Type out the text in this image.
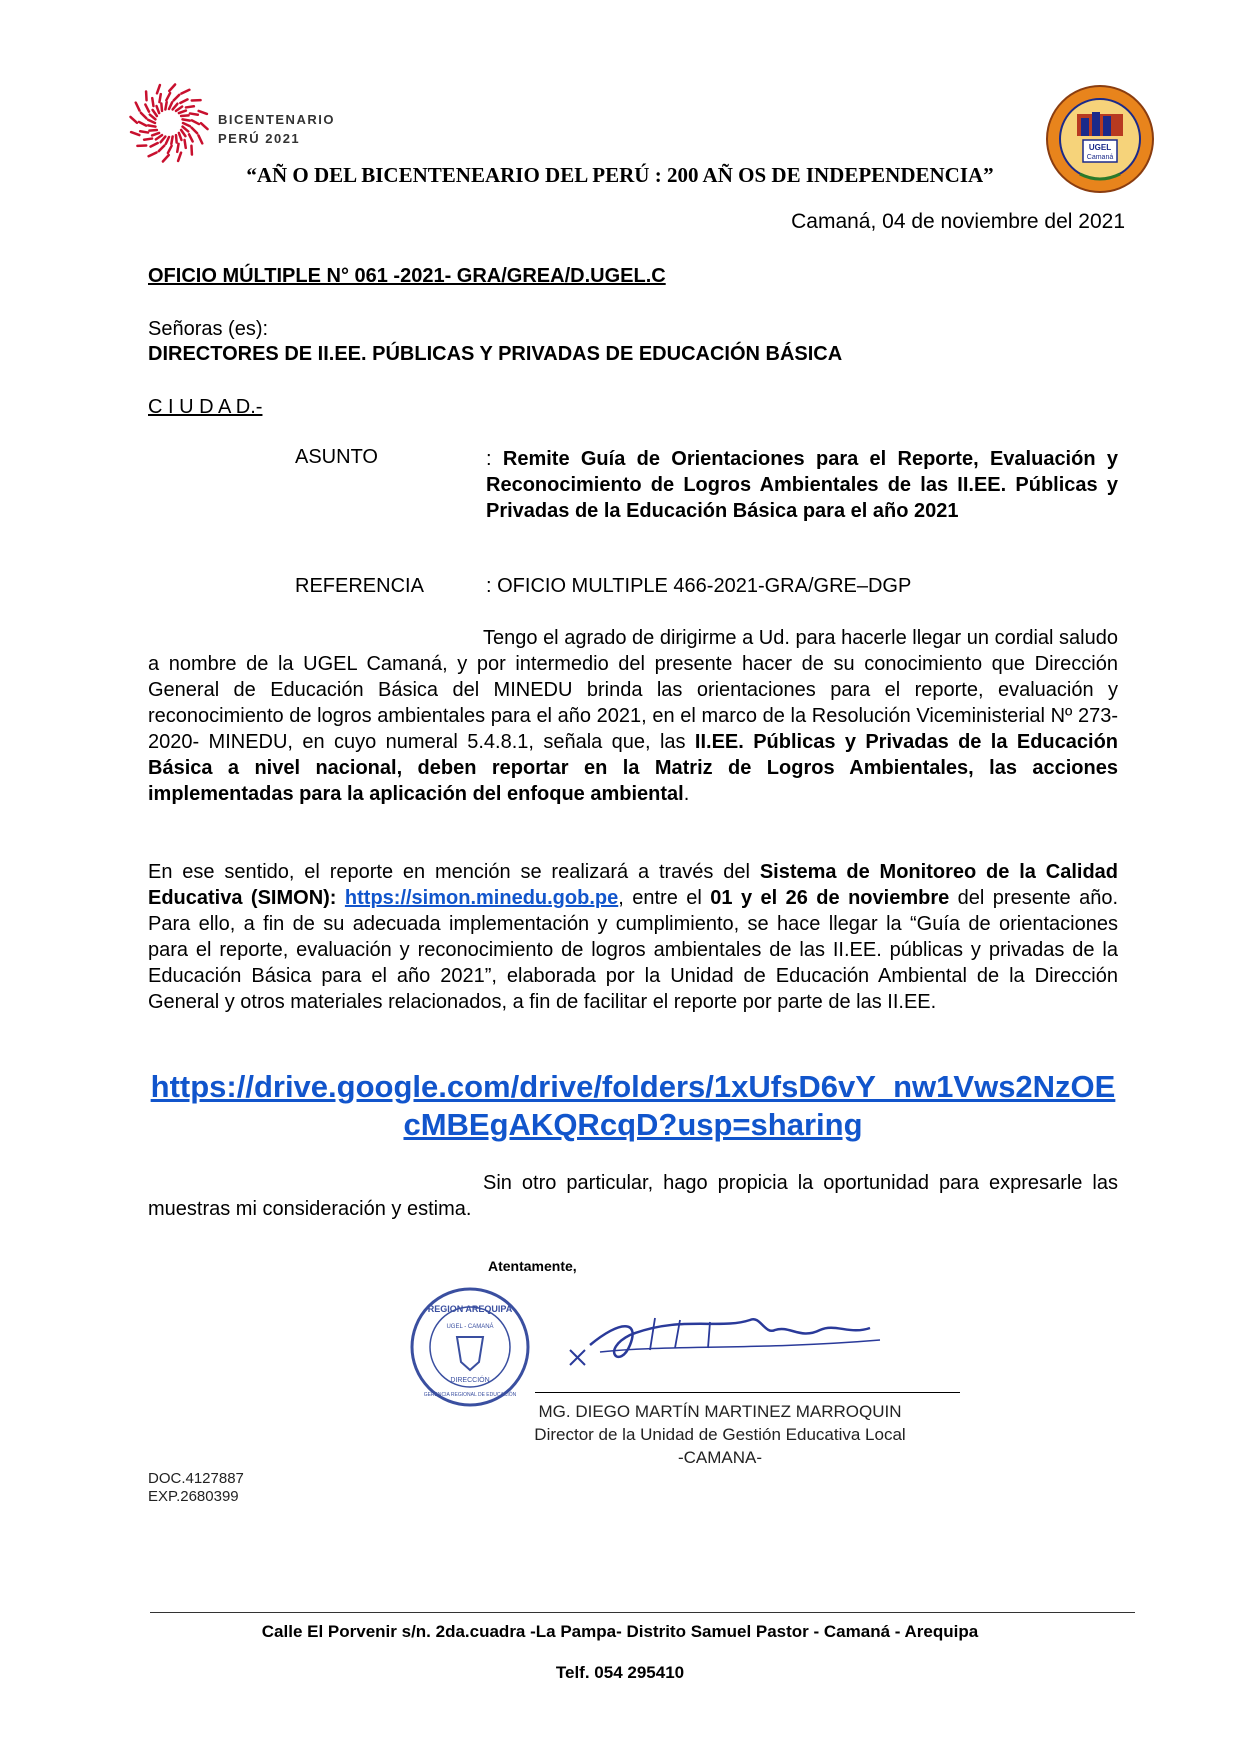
BICENTENARIO
PERÚ 2021
UGEL
Camaná
“AÑ O DEL BICENTENEARIO DEL PERÚ : 200 AÑ OS DE INDEPENDENCIA”
Camaná, 04 de noviembre del 2021
OFICIO MÚLTIPLE N° 061 -2021- GRA/GREA/D.UGEL.C
Señoras (es):
DIRECTORES DE II.EE. PÚBLICAS Y PRIVADAS DE EDUCACIÓN BÁSICA
C I U D A D.-
ASUNTO	: Remite Guía de Orientaciones para el Reporte, Evaluación y Reconocimiento de Logros Ambientales de las II.EE. Públicas y Privadas de la Educación Básica para el año 2021
REFERENCIA	: OFICIO MULTIPLE 466-2021-GRA/GRE–DGP
Tengo el agrado de dirigirme a Ud. para hacerle llegar un cordial saludo a nombre de la UGEL Camaná, y por intermedio del presente hacer de su conocimiento que Dirección General de Educación Básica del MINEDU brinda las orientaciones para el reporte, evaluación y reconocimiento de logros ambientales para el año 2021, en el marco de la Resolución Viceministerial Nº 273-2020- MINEDU, en cuyo numeral 5.4.8.1, señala que, las II.EE. Públicas y Privadas de la Educación Básica a nivel nacional, deben reportar en la Matriz de Logros Ambientales, las acciones implementadas para la aplicación del enfoque ambiental.
En ese sentido, el reporte en mención se realizará a través del Sistema de Monitoreo de la Calidad Educativa (SIMON): https://simon.minedu.gob.pe, entre el 01 y el 26 de noviembre del presente año. Para ello, a fin de su adecuada implementación y cumplimiento, se hace llegar la “Guía de orientaciones para el reporte, evaluación y reconocimiento de logros ambientales de las II.EE. públicas y privadas de la Educación Básica para el año 2021”, elaborada por la Unidad de Educación Ambiental de la Dirección General y otros materiales relacionados, a fin de facilitar el reporte por parte de las II.EE.
https://drive.google.com/drive/folders/1xUfsD6vY_nw1Vws2NzOEcMBEgAKQRcqD?usp=sharing
Sin otro particular, hago propicia la oportunidad para expresarle las muestras mi consideración y estima.
Atentamente,
REGION AREQUIPA
UGEL - CAMANÁ
DIRECCIÓN
GERENCIA REGIONAL DE EDUCACIÓN
MG. DIEGO MARTÍN MARTINEZ MARROQUIN
Director de la Unidad de Gestión Educativa Local
-CAMANA-
DOC.4127887
EXP.2680399
Calle El Porvenir s/n. 2da.cuadra -La Pampa- Distrito Samuel Pastor - Camaná - Arequipa
Telf. 054 295410
